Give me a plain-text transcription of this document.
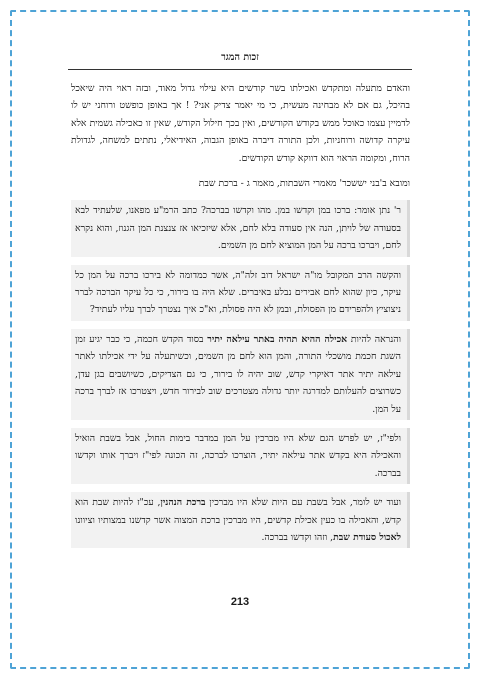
זכות המגר

והאדם מתעלה ומתקדש ואכילתו בשר קודשים היא עילוי גדול מאוד, ובזה ראוי היה שיאכל בהיכל, גם אם לא מבחינה מעשית, כי מי יאמר צדיק אני? ! אך באופן כופשט ורוחני יש לו לדמיין עצמו כאוכל ממש בקודש הקודשים, ואין בכך חילול הקודש, שאין זו כאכילה גשמית אלא עיקרה קדושה ורוחניות, ולכן התורה דיברה באופן הגבוה, האידיאלי, נתתים למשחה, לגדולת הרוח, ומקומה הראוי הוא דווקא קודש הקודשים.

ומובא ב'בני יששכר' מאמרי השבתות, מאמר ג - ברכת שבת

ר' נתן אומר: ברכו במן וקדשו במן. מהו וקדשו בברכה? כתב הרמ"ע מפאנו, שלעתיד לבא בסעודה של לויתן, הנה אין סעודה בלא לחם, אלא שיזכיאו אז צנצנת המן הגנוז, והוא נקרא לחם, ויברכו ברכה על המן המוציא לחם מן השמים.
והקשה הרב המקובל מו"ה ישראל דוב זלה"ה, אשר כמדומה לא בירכו ברכה על המן כל עיקר, כיון שהוא לחם אבירים נבלע באיברים. שלא היה בו בירור, כי כל עיקר הברכה לברר ניצוציץ ולהפרידם מן הפסולת, ובמן לא היה פסולת, וא"כ איך נצטרך לברך עליו לעתיד?
והנראה להיות אכילה ההיא תהיה באתר עילאה יתיר בסוד הקדש חכמה, כי כבר יגיע זמן השגת חכמת מושכלי התורה, והמן הוא לחם מן השמים, וכשיתעלה על ידי אכילתו לאתר עילאה יתיר אתר דאיקרי קדש, שוב יהיה לו בירור, כי גם הצדיקים, כשיושבים בגן עדן, כשרוצים להעלותם למדרגה יותר גדולה מצטרכים שוב לבירור חדש, ויצטרכו אז לברך ברכה על המן.
ולפי"ז, יש לפרש הגם שלא היו מברכין על המן במדבר בימות החול, אבל בשבת הואיל והאכילה היא בקדש אתר עילאה יתיר, הוצרכו לברכה, זה הכונה לפי"ז ויברך אותו וקדשו בברכה.
ועוד יש לומר, אבל בשבת עם היות שלא היו מברכין ברכת הנהנין, עכ"ז להיות שבת הוא קדש, והאכילה בו כעין אכילת קדשים, היו מברכין ברכת המצוה אשר קדשנו במצותיו וציוונו לאכול סעודת שבת, וזהו וקדשו בברכה.
213
